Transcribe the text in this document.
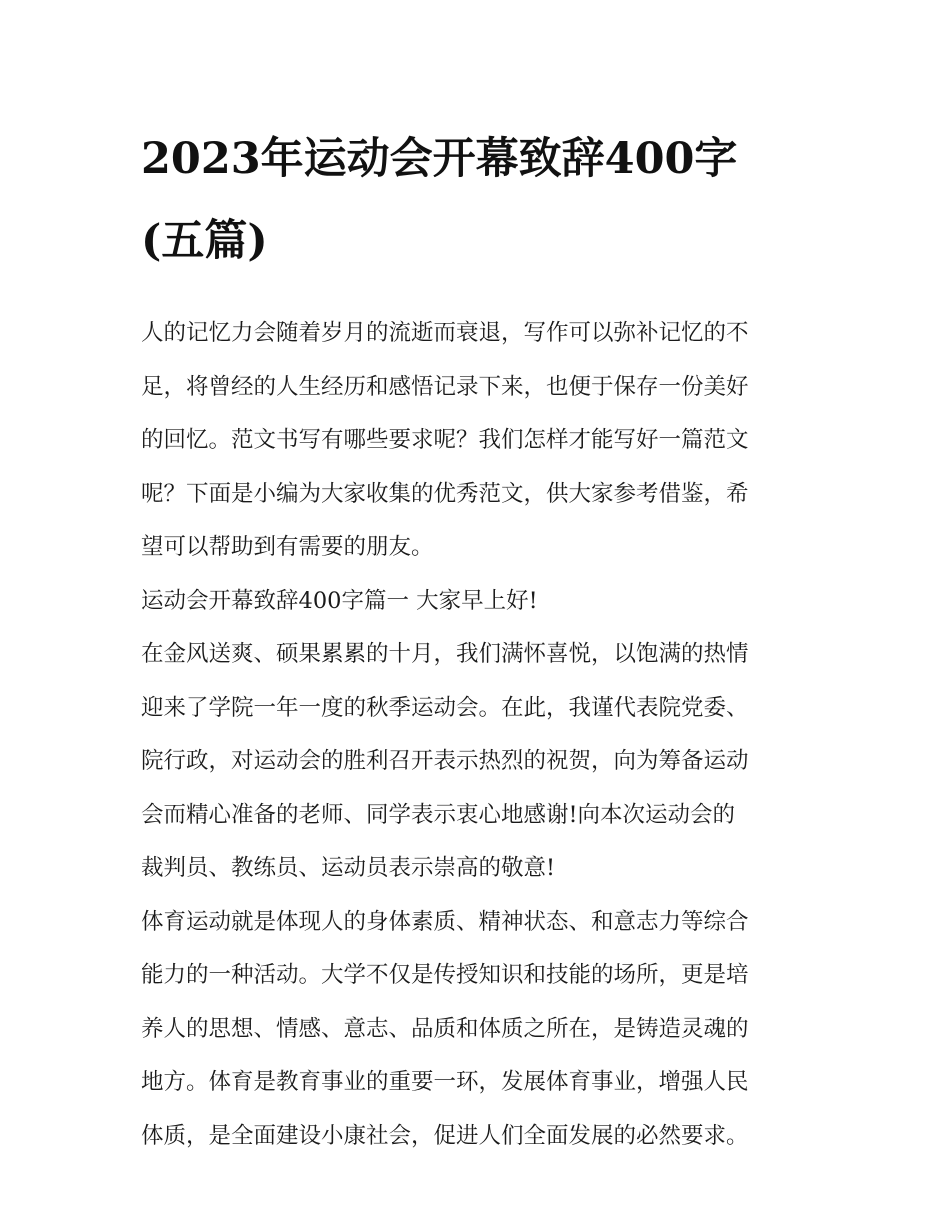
2023年运动会开幕致辞400字
(五篇)

人的记忆力会随着岁月的流逝而衰退，写作可以弥补记忆的不
足，将曾经的人生经历和感悟记录下来，也便于保存一份美好
的回忆。范文书写有哪些要求呢？我们怎样才能写好一篇范文
呢？下面是小编为大家收集的优秀范文，供大家参考借鉴，希
望可以帮助到有需要的朋友。

运动会开幕致辞400字篇一 大家早上好!

在金风送爽、硕果累累的十月，我们满怀喜悦，以饱满的热情
迎来了学院一年一度的秋季运动会。在此，我谨代表院党委、
院行政，对运动会的胜利召开表示热烈的祝贺，向为筹备运动
会而精心准备的老师、同学表示衷心地感谢!向本次运动会的
裁判员、教练员、运动员表示崇高的敬意!

体育运动就是体现人的身体素质、精神状态、和意志力等综合
能力的一种活动。大学不仅是传授知识和技能的场所，更是培
养人的思想、情感、意志、品质和体质之所在，是铸造灵魂的
地方。体育是教育事业的重要一环，发展体育事业，增强人民
体质，是全面建设小康社会，促进人们全面发展的必然要求。
